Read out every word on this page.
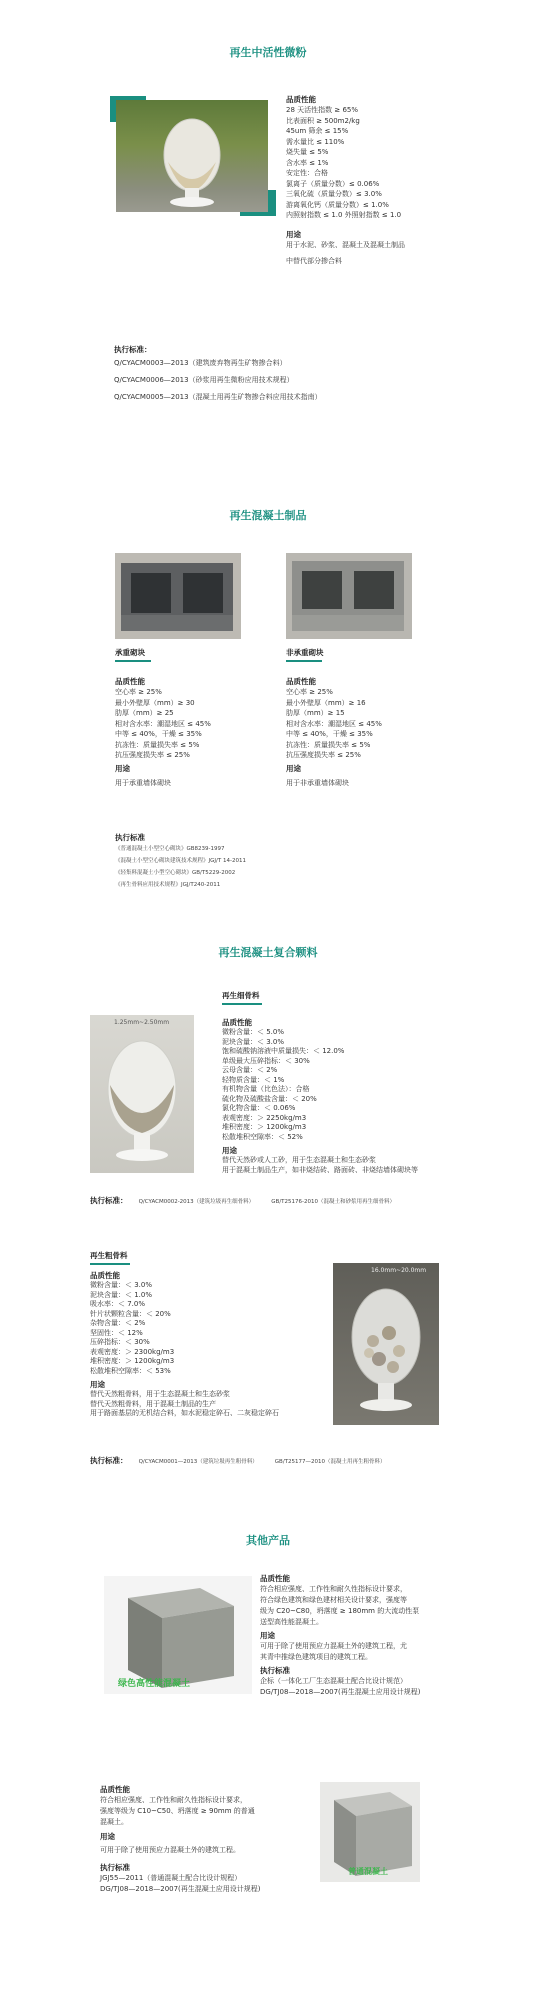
再生中活性微粉
品质性能
28 天活性指数 ≥ 65%
比表面积 ≥ 500m2/kg
45um 筛余 ≤ 15%
需水量比 ≤ 110%
烧失量 ≤ 5%
含水率 ≤ 1%
安定性：合格
氯离子（质量分数）≤ 0.06%
三氧化硫（质量分数）≤ 3.0%
游离氧化钙（质量分数）≤ 1.0%
内照射指数 ≤ 1.0 外照射指数 ≤ 1.0
用途
用于水泥、砂浆、混凝土及混凝土制品
中替代部分掺合料
执行标准：
Q/CYACM0003—2013（建筑废弃物再生矿物掺合料）
Q/CYACM0006—2013（砂浆用再生微粉应用技术规程）
Q/CYACM0005—2013（混凝土用再生矿物掺合料应用技术指南）
再生混凝土制品
承重砌块	非承重砌块
品质性能
空心率 ≥ 25%
最小外壁厚（mm）≥ 30
肋厚（mm）≥ 25
相对含水率：潮湿地区 ≤ 45%
中等 ≤ 40%，干燥 ≤ 35%
抗冻性：质量损失率 ≤ 5%
抗压强度损失率 ≤ 25%
用途
用于承重墙体砌块
品质性能
空心率 ≥ 25%
最小外壁厚（mm）≥ 16
肋厚（mm）≥ 15
相对含水率：潮湿地区 ≤ 45%
中等 ≤ 40%，干燥 ≤ 35%
抗冻性：质量损失率 ≤ 5%
抗压强度损失率 ≤ 25%
用途
用于非承重墙体砌块
执行标准
《普通混凝土小型空心砌块》GB8239-1997
《混凝土小型空心砌块建筑技术规程》JGJ/T 14-2011
《轻集料混凝土小型空心砌块》GB/T5229-2002
《再生骨料应用技术规程》JGJ/T240-2011
再生混凝土复合颗料
再生细骨料
1.25mm~2.50mm	品质性能
微粉含量：＜ 5.0%
泥块含量：＜ 3.0%
饱和硫酸钠溶液中质量损失：＜ 12.0%
单级最大压碎指标：＜ 30%
云母含量：＜ 2%
轻物质含量：＜ 1%
有机物含量（比色法）：合格
硫化物及硫酸盐含量：＜ 20%
氯化物含量：＜ 0.06%
表观密度：＞ 2250kg/m3
堆积密度：＞ 1200kg/m3
松散堆积空隙率：＜ 52%
用途
替代天然砂或人工砂，用于生态混凝土和生态砂浆
用于混凝土制品生产，如非烧结砖、路面砖、非烧结墙体砌块等
执行标准： Q/CYACM0002-2013（建筑垃圾再生细骨料）	GB/T25176-2010（混凝土和砂浆用再生细骨料）
再生粗骨料
品质性能
微粉含量：＜ 3.0%
泥块含量：＜ 1.0%
吸水率：＜ 7.0%
针片状颗粒含量：＜ 20%
杂物含量：＜ 2%
坚固性：＜ 12%
压碎指标：＜ 30%
表观密度：＞ 2300kg/m3
堆积密度：＞ 1200kg/m3
松散堆积空隙率：＜ 53%
用途
替代天然粗骨料，用于生态混凝土和生态砂浆
替代天然粗骨料，用于混凝土制品的生产
用于路面基层的无机结合料，如水泥稳定碎石、二灰稳定碎石
16.0mm~20.0mm
执行标准： Q/CYACM0001—2013（建筑垃圾再生粗骨料）	GB/T25177—2010（混凝土用再生粗骨料）
其他产品
绿色高性能混凝土
品质性能
符合相应强度、工作性和耐久性指标设计要求，
符合绿色建筑和绿色建材相关设计要求，强度等
级为 C20~C80，坍落度 ≥ 180mm 的大流动性泵
送型高性能混凝土。
用途
可用于除了使用预应力混凝土外的建筑工程，尤
其青中推绿色建筑项目的建筑工程。
执行标准
企标（一体化工厂生态混凝土配合比设计规范）
DG/TJ08—2018—2007(再生混凝土应用设计规程)
品质性能
符合相应强度、工作性和耐久性指标设计要求，
强度等级为 C10~C50、坍落度 ≥ 90mm 的普通
混凝土。
用途
可用于除了使用预应力混凝土外的建筑工程。
执行标准
JGJ55—2011（普通混凝土配合比设计规程）
DG/TJ08—2018—2007(再生混凝土应用设计规程)
普通混凝土
